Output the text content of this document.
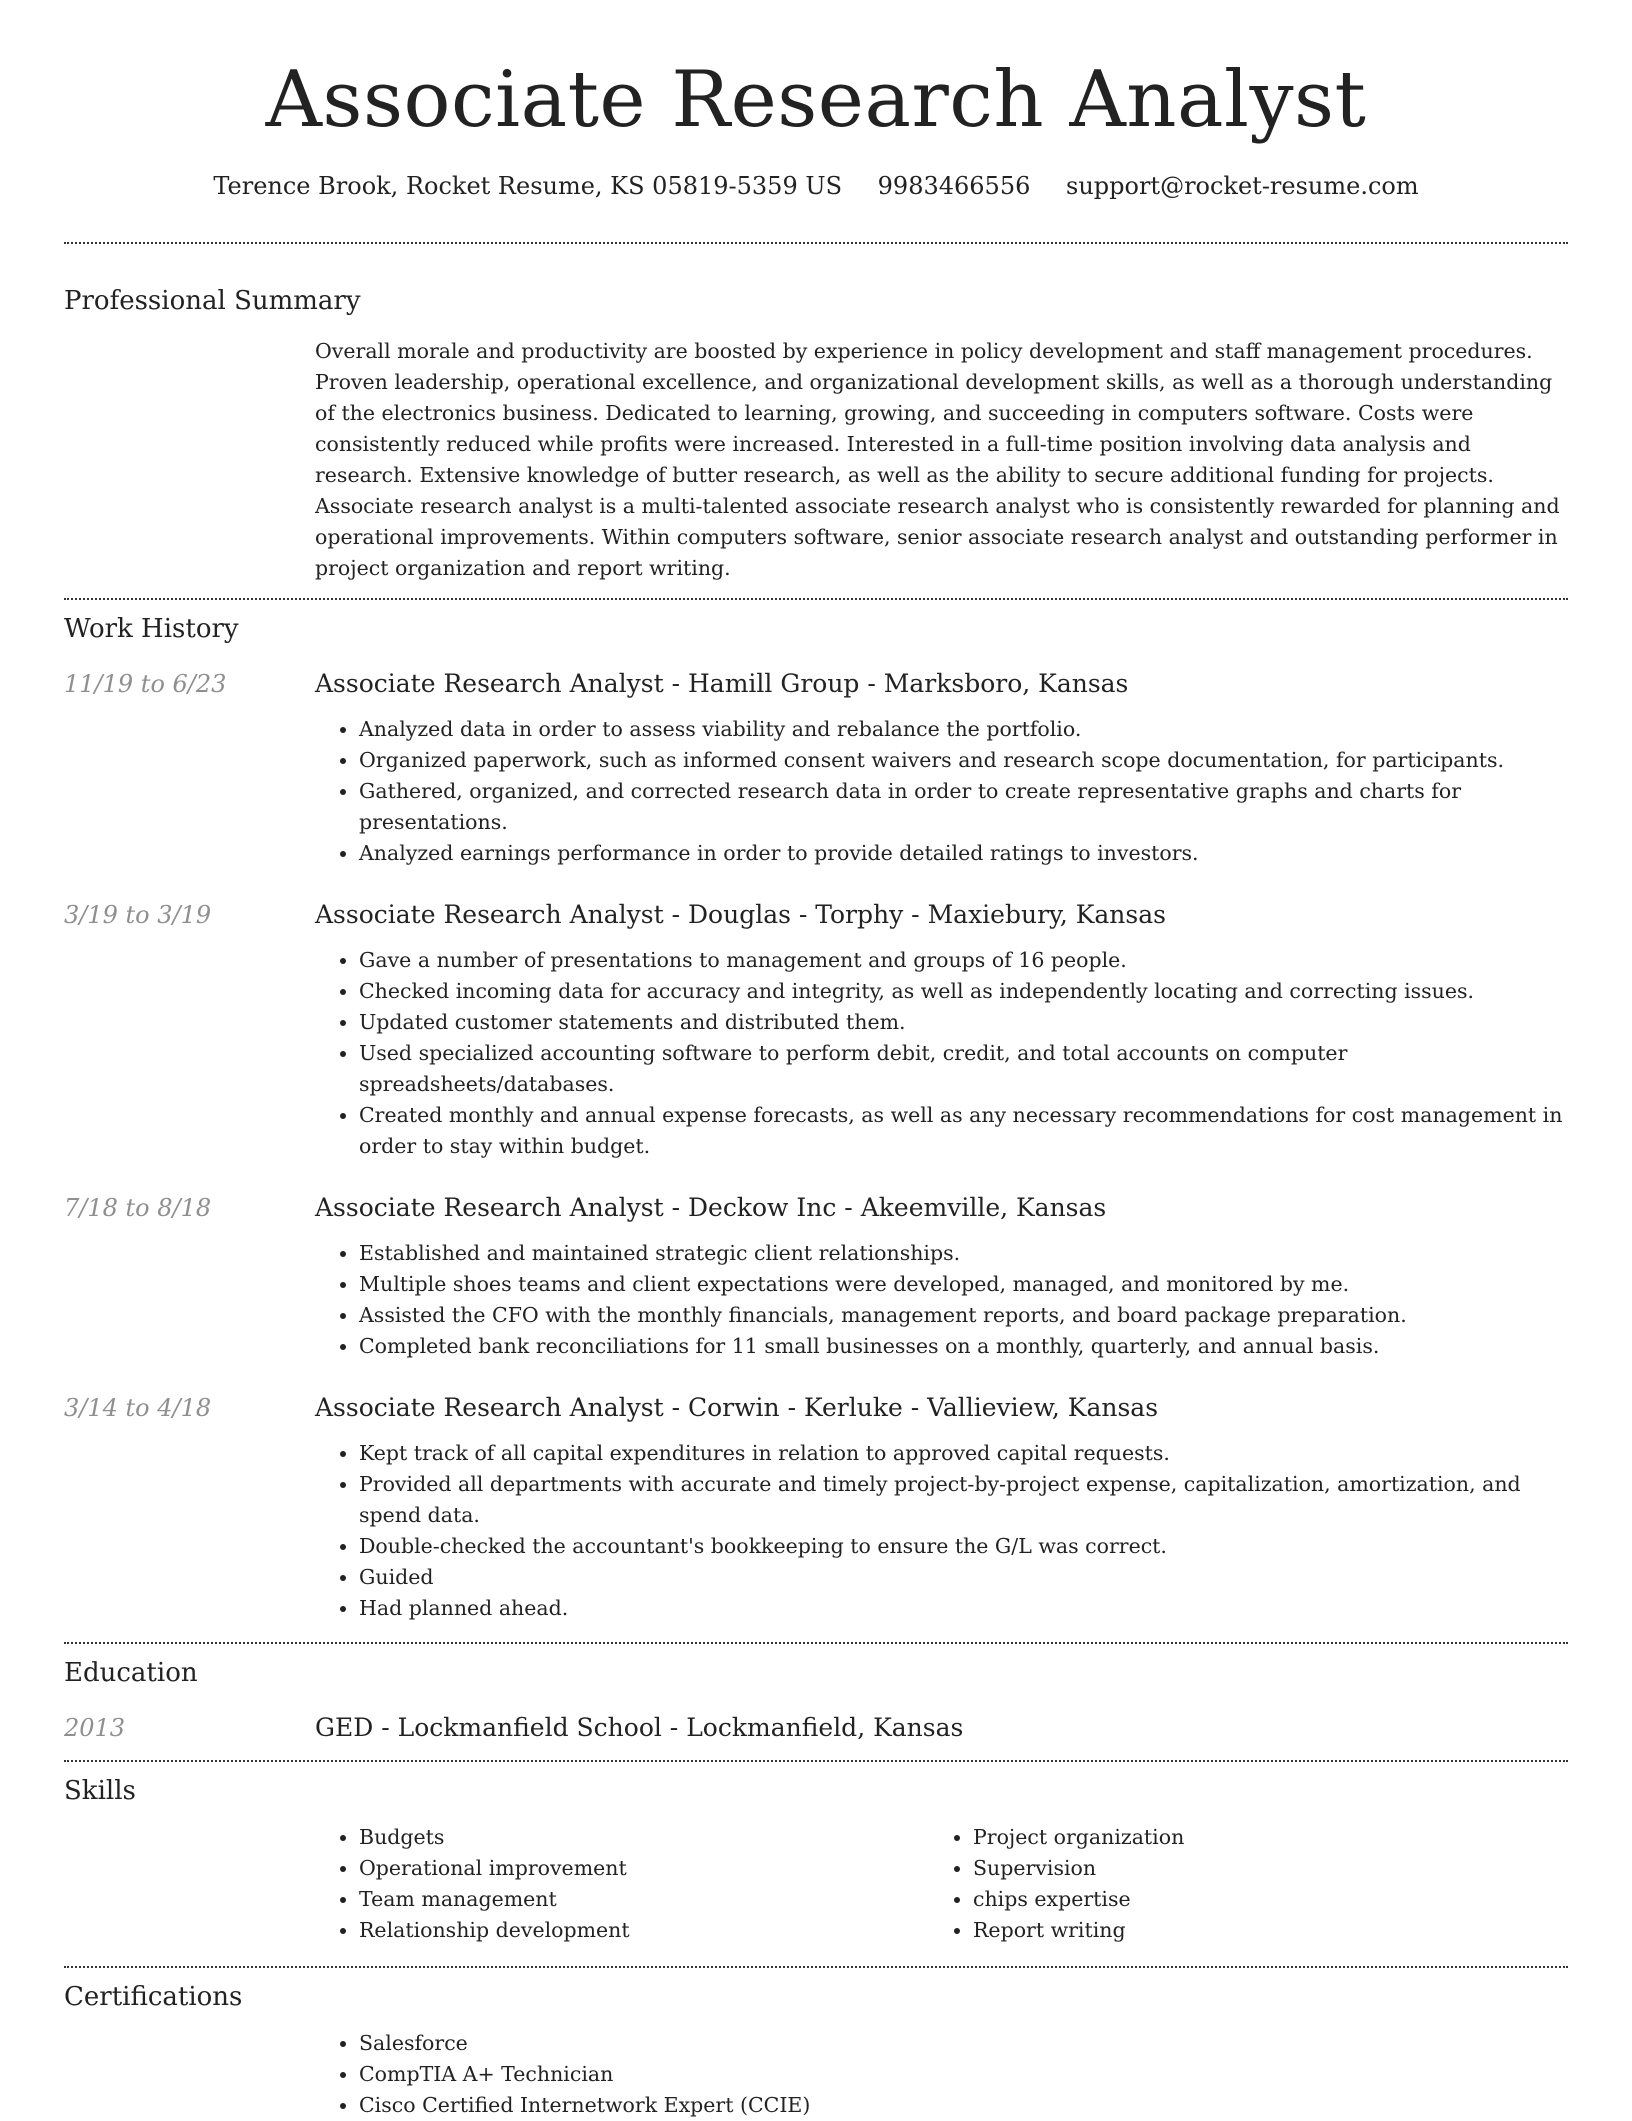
Associate Research Analyst
Terence Brook, Rocket Resume, KS 05819-5359 US 9983466556 support@rocket-resume.com
Professional Summary
Overall morale and productivity are boosted by experience in policy development and staff management procedures. Proven leadership, operational excellence, and organizational development skills, as well as a thorough understanding of the electronics business. Dedicated to learning, growing, and succeeding in computers software. Costs were consistently reduced while profits were increased. Interested in a full-time position involving data analysis and research. Extensive knowledge of butter research, as well as the ability to secure additional funding for projects. Associate research analyst is a multi-talented associate research analyst who is consistently rewarded for planning and operational improvements. Within computers software, senior associate research analyst and outstanding performer in project organization and report writing.
Work History
11/19 to 6/23	Associate Research Analyst - Hamill Group - Marksboro, Kansas
• Analyzed data in order to assess viability and rebalance the portfolio.
• Organized paperwork, such as informed consent waivers and research scope documentation, for participants.
• Gathered, organized, and corrected research data in order to create representative graphs and charts for presentations.
• Analyzed earnings performance in order to provide detailed ratings to investors.
3/19 to 3/19	Associate Research Analyst - Douglas - Torphy - Maxiebury, Kansas
• Gave a number of presentations to management and groups of 16 people.
• Checked incoming data for accuracy and integrity, as well as independently locating and correcting issues.
• Updated customer statements and distributed them.
• Used specialized accounting software to perform debit, credit, and total accounts on computer spreadsheets/databases.
• Created monthly and annual expense forecasts, as well as any necessary recommendations for cost management in order to stay within budget.
7/18 to 8/18	Associate Research Analyst - Deckow Inc - Akeemville, Kansas
• Established and maintained strategic client relationships.
• Multiple shoes teams and client expectations were developed, managed, and monitored by me.
• Assisted the CFO with the monthly financials, management reports, and board package preparation.
• Completed bank reconciliations for 11 small businesses on a monthly, quarterly, and annual basis.
3/14 to 4/18	Associate Research Analyst - Corwin - Kerluke - Vallieview, Kansas
• Kept track of all capital expenditures in relation to approved capital requests.
• Provided all departments with accurate and timely project-by-project expense, capitalization, amortization, and spend data.
• Double-checked the accountant's bookkeeping to ensure the G/L was correct.
• Guided
• Had planned ahead.
Education
2013	GED - Lockmanfield School - Lockmanfield, Kansas
Skills
• Budgets
• Operational improvement
• Team management
• Relationship development
• Project organization
• Supervision
• chips expertise
• Report writing
Certifications
• Salesforce
• CompTIA A+ Technician
• Cisco Certified Internetwork Expert (CCIE)
